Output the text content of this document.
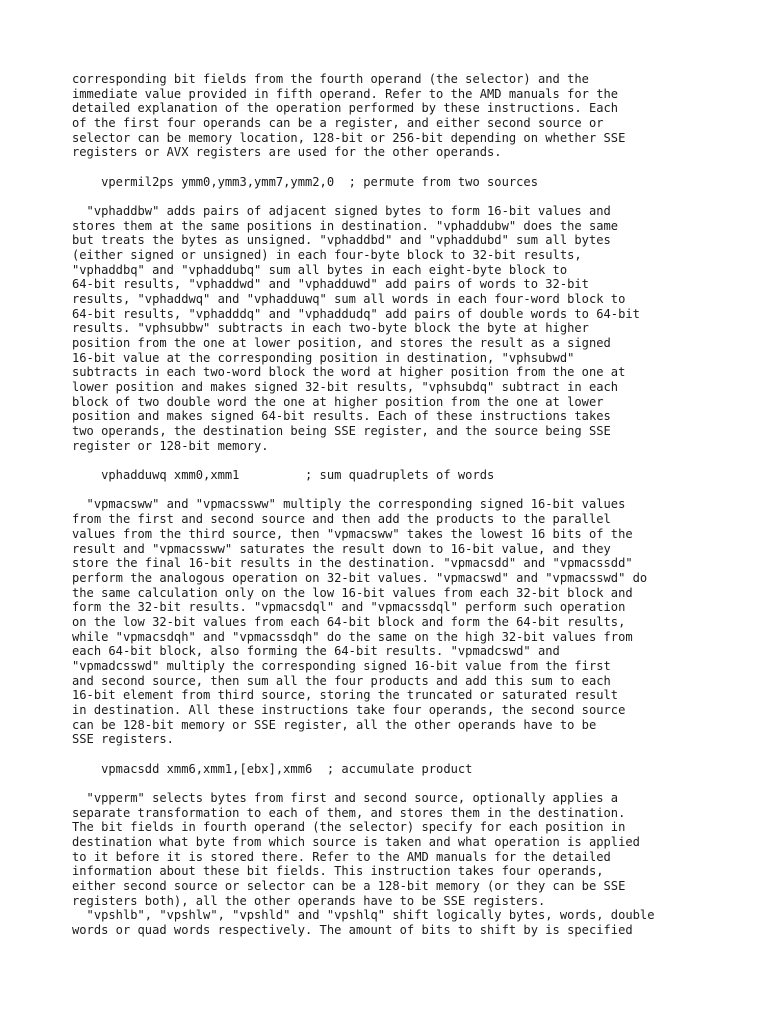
corresponding bit fields from the fourth operand (the selector) and the
immediate value provided in fifth operand. Refer to the AMD manuals for the
detailed explanation of the operation performed by these instructions. Each
of the first four operands can be a register, and either second source or
selector can be memory location, 128-bit or 256-bit depending on whether SSE
registers or AVX registers are used for the other operands.
vpermil2ps ymm0,ymm3,ymm7,ymm2,0  ; permute from two sources
"vphaddbw" adds pairs of adjacent signed bytes to form 16-bit values and
stores them at the same positions in destination. "vphaddubw" does the same
but treats the bytes as unsigned. "vphaddbd" and "vphaddubd" sum all bytes
(either signed or unsigned) in each four-byte block to 32-bit results,
"vphaddbq" and "vphaddubq" sum all bytes in each eight-byte block to
64-bit results, "vphaddwd" and "vphadduwd" add pairs of words to 32-bit
results, "vphaddwq" and "vphadduwq" sum all words in each four-word block to
64-bit results, "vphadddq" and "vphaddudq" add pairs of double words to 64-bit
results. "vphsubbw" subtracts in each two-byte block the byte at higher
position from the one at lower position, and stores the result as a signed
16-bit value at the corresponding position in destination, "vphsubwd"
subtracts in each two-word block the word at higher position from the one at
lower position and makes signed 32-bit results, "vphsubdq" subtract in each
block of two double word the one at higher position from the one at lower
position and makes signed 64-bit results. Each of these instructions takes
two operands, the destination being SSE register, and the source being SSE
register or 128-bit memory.
vphadduwq xmm0,xmm1         ; sum quadruplets of words
"vpmacsww" and "vpmacssww" multiply the corresponding signed 16-bit values
from the first and second source and then add the products to the parallel
values from the third source, then "vpmacsww" takes the lowest 16 bits of the
result and "vpmacssww" saturates the result down to 16-bit value, and they
store the final 16-bit results in the destination. "vpmacsdd" and "vpmacssdd"
perform the analogous operation on 32-bit values. "vpmacswd" and "vpmacsswd" do
the same calculation only on the low 16-bit values from each 32-bit block and
form the 32-bit results. "vpmacsdql" and "vpmacssdql" perform such operation
on the low 32-bit values from each 64-bit block and form the 64-bit results,
while "vpmacsdqh" and "vpmacssdqh" do the same on the high 32-bit values from
each 64-bit block, also forming the 64-bit results. "vpmadcswd" and
"vpmadcsswd" multiply the corresponding signed 16-bit value from the first
and second source, then sum all the four products and add this sum to each
16-bit element from third source, storing the truncated or saturated result
in destination. All these instructions take four operands, the second source
can be 128-bit memory or SSE register, all the other operands have to be
SSE registers.
vpmacsdd xmm6,xmm1,[ebx],xmm6  ; accumulate product
"vpperm" selects bytes from first and second source, optionally applies a
separate transformation to each of them, and stores them in the destination.
The bit fields in fourth operand (the selector) specify for each position in
destination what byte from which source is taken and what operation is applied
to it before it is stored there. Refer to the AMD manuals for the detailed
information about these bit fields. This instruction takes four operands,
either second source or selector can be a 128-bit memory (or they can be SSE
registers both), all the other operands have to be SSE registers.
"vpshlb", "vpshlw", "vpshld" and "vpshlq" shift logically bytes, words, double
words or quad words respectively. The amount of bits to shift by is specified
